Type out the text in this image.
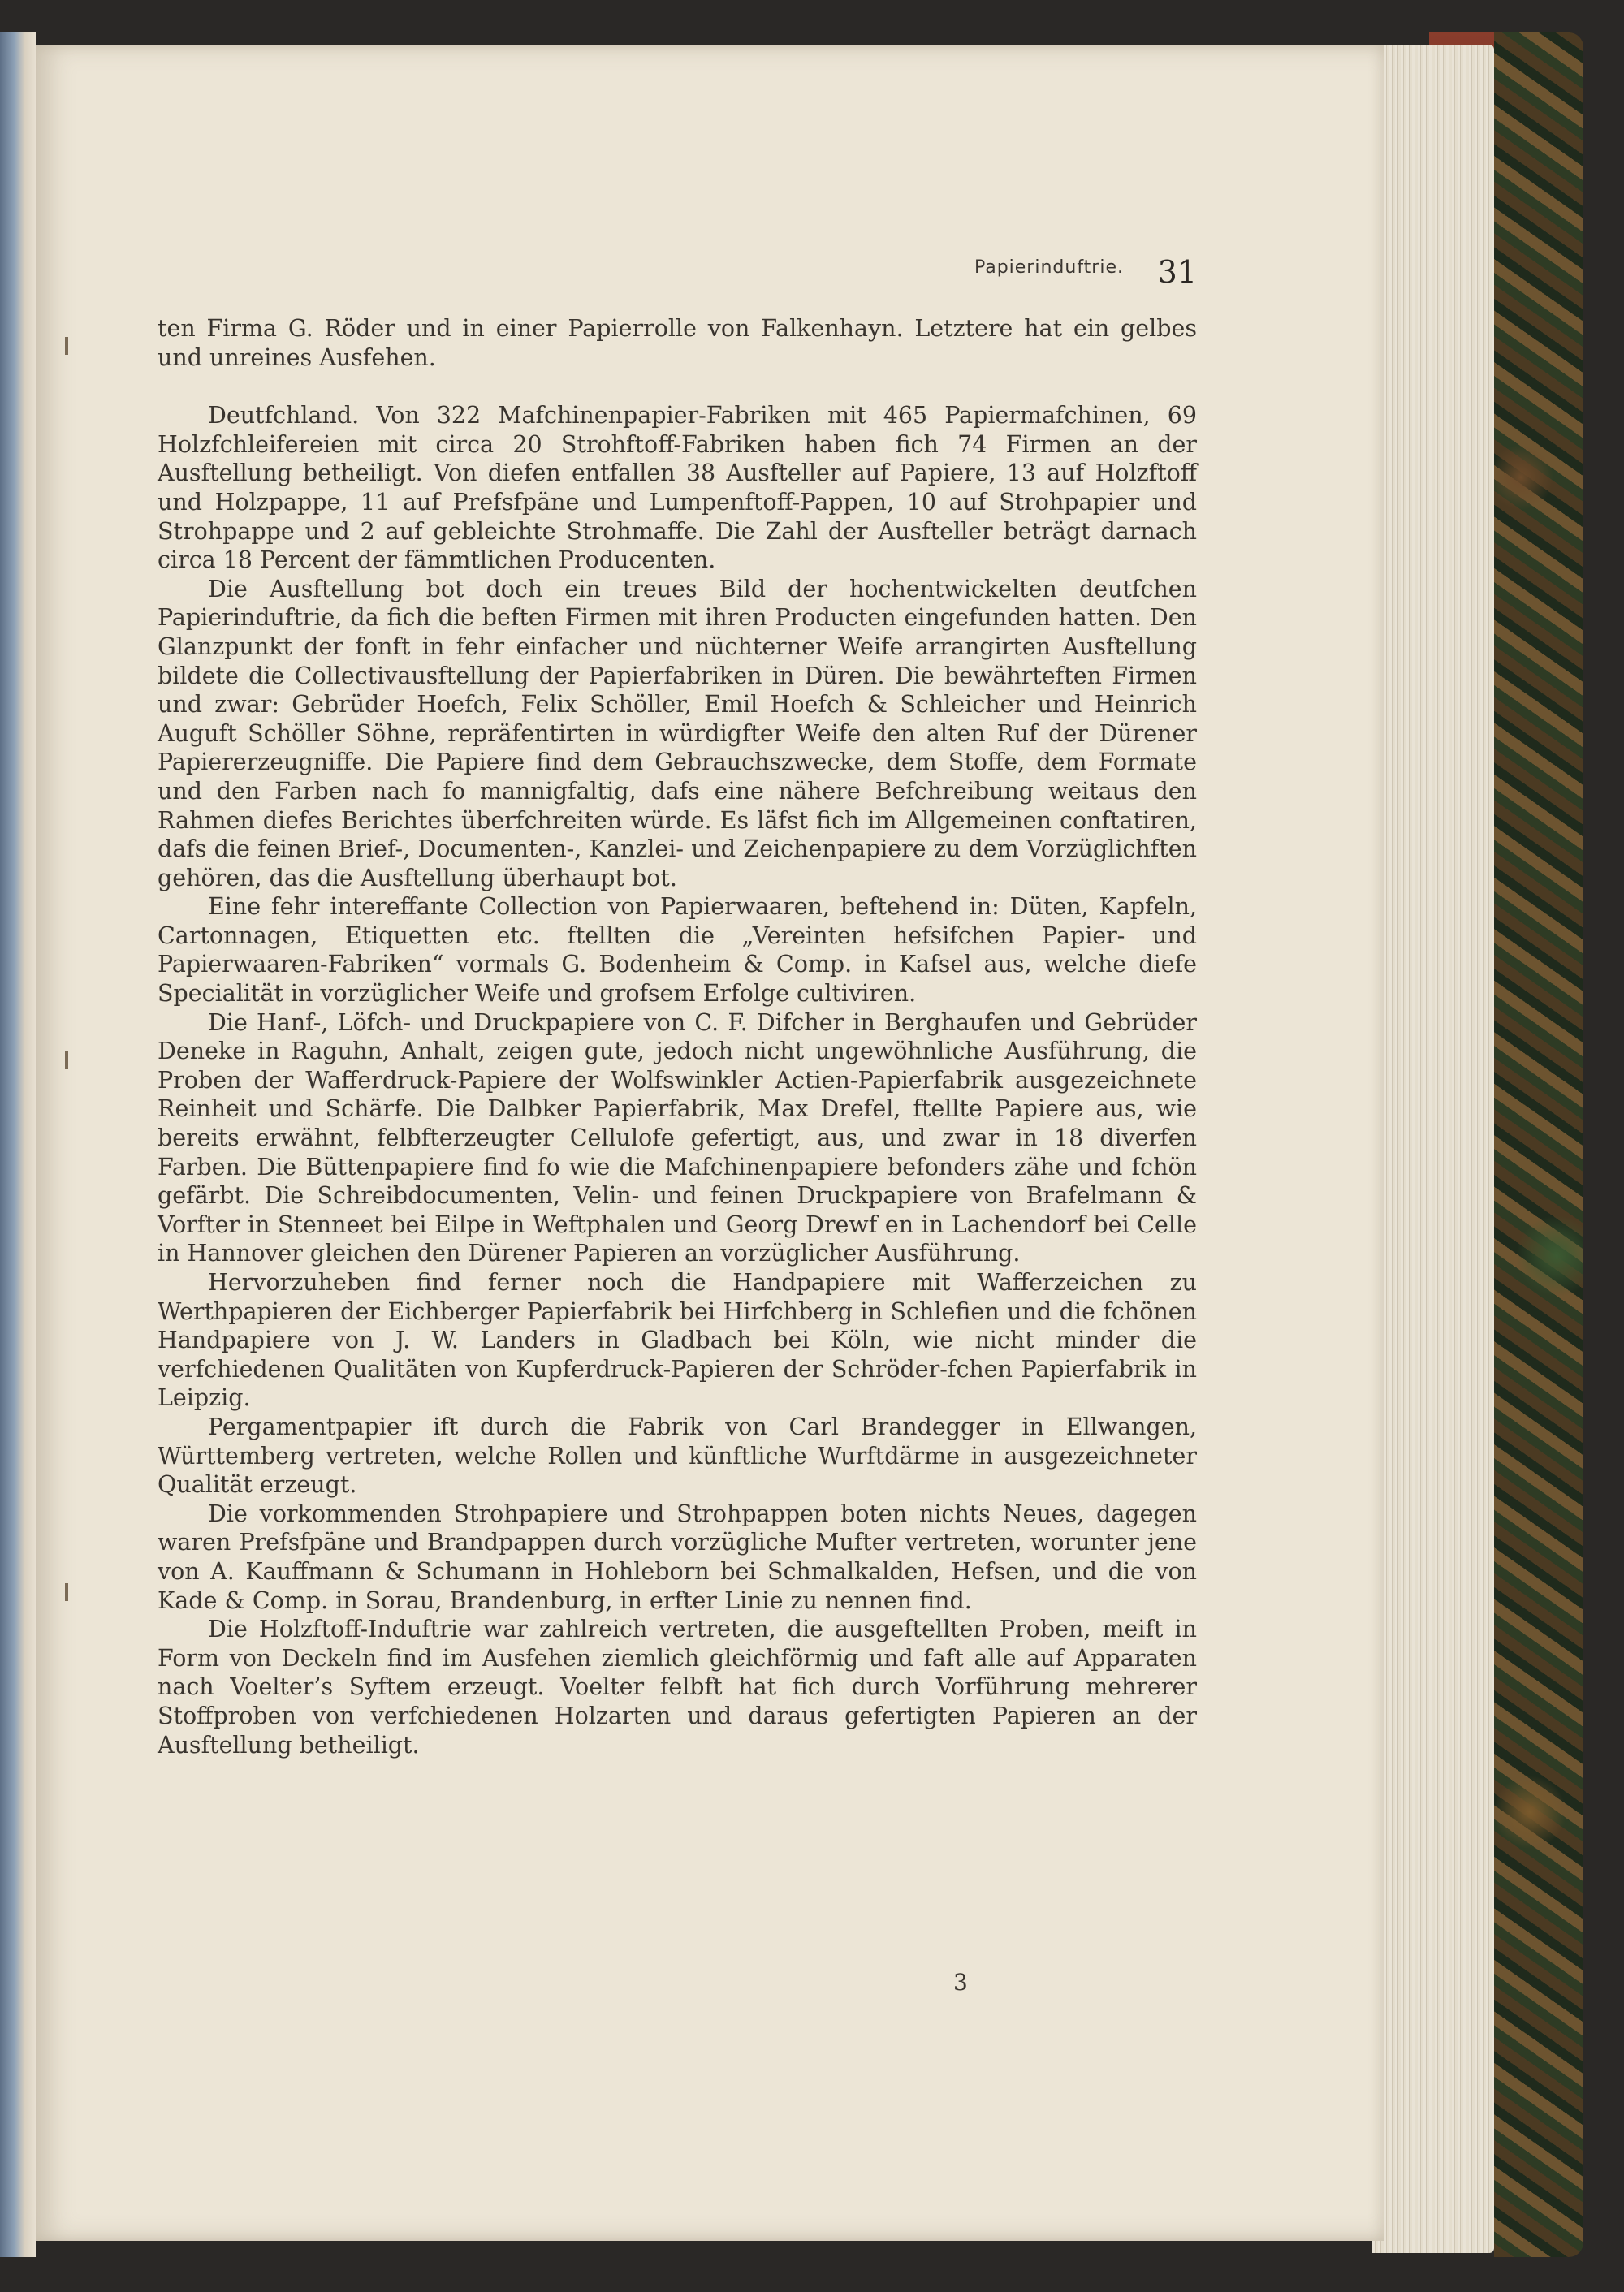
Papierinduftrie.	31

ten Firma G. Röder und in einer Papierrolle von Falkenhayn. Letztere hat ein gelbes und unreines Ausfehen.

Deutfchland. Von 322 Mafchinenpapier-Fabriken mit 465 Papiermafchinen, 69 Holzfchleifereien mit circa 20 Strohftoff-Fabriken haben fich 74 Firmen an der Ausftellung betheiligt. Von diefen entfallen 38 Ausfteller auf Papiere, 13 auf Holzftoff und Holzpappe, 11 auf Prefsfpäne und Lumpenftoff-Pappen, 10 auf Strohpapier und Strohpappe und 2 auf gebleichte Strohmaffe. Die Zahl der Ausfteller beträgt darnach circa 18 Percent der fämmtlichen Producenten.

Die Ausftellung bot doch ein treues Bild der hochentwickelten deutfchen Papierinduftrie, da fich die beften Firmen mit ihren Producten eingefunden hatten. Den Glanzpunkt der fonft in fehr einfacher und nüchterner Weife arrangirten Ausftellung bildete die Collectivausftellung der Papierfabriken in Düren. Die bewährteften Firmen und zwar: Gebrüder Hoefch, Felix Schöller, Emil Hoefch & Schleicher und Heinrich Auguft Schöller Söhne, repräfentirten in würdigfter Weife den alten Ruf der Dürener Papiererzeugniffe. Die Papiere find dem Gebrauchszwecke, dem Stoffe, dem Formate und den Farben nach fo mannigfaltig, dafs eine nähere Befchreibung weitaus den Rahmen diefes Berichtes überfchreiten würde. Es läfst fich im Allgemeinen conftatiren, dafs die feinen Brief-, Documenten-, Kanzlei- und Zeichenpapiere zu dem Vorzüglichften gehören, das die Ausftellung überhaupt bot.

Eine fehr intereffante Collection von Papierwaaren, beftehend in: Düten, Kapfeln, Cartonnagen, Etiquetten etc. ftellten die „Vereinten hefsifchen Papier- und Papierwaaren-Fabriken“ vormals G. Bodenheim & Comp. in Kafsel aus, welche diefe Specialität in vorzüglicher Weife und grofsem Erfolge cultiviren.

Die Hanf-, Löfch- und Druckpapiere von C. F. Difcher in Berghaufen und Gebrüder Deneke in Raguhn, Anhalt, zeigen gute, jedoch nicht ungewöhnliche Ausführung, die Proben der Wafferdruck-Papiere der Wolfswinkler Actien-Papierfabrik ausgezeichnete Reinheit und Schärfe. Die Dalbker Papierfabrik, Max Drefel, ftellte Papiere aus, wie bereits erwähnt, felbfterzeugter Cellulofe gefertigt, aus, und zwar in 18 diverfen Farben. Die Büttenpapiere find fo wie die Mafchinenpapiere befonders zähe und fchön gefärbt. Die Schreibdocumenten, Velin- und feinen Druckpapiere von Brafelmann & Vorfter in Stenneet bei Eilpe in Weftphalen und Georg Drewf en in Lachendorf bei Celle in Hannover gleichen den Dürener Papieren an vorzüglicher Ausführung.

Hervorzuheben find ferner noch die Handpapiere mit Wafferzeichen zu Werthpapieren der Eichberger Papierfabrik bei Hirfchberg in Schlefien und die fchönen Handpapiere von J. W. Landers in Gladbach bei Köln, wie nicht minder die verfchiedenen Qualitäten von Kupferdruck-Papieren der Schröder-fchen Papierfabrik in Leipzig.

Pergamentpapier ift durch die Fabrik von Carl Brandegger in Ellwangen, Württemberg vertreten, welche Rollen und künftliche Wurftdärme in ausgezeichneter Qualität erzeugt.

Die vorkommenden Strohpapiere und Strohpappen boten nichts Neues, dagegen waren Prefsfpäne und Brandpappen durch vorzügliche Mufter vertreten, worunter jene von A. Kauffmann & Schumann in Hohleborn bei Schmalkalden, Hefsen, und die von Kade & Comp. in Sorau, Brandenburg, in erfter Linie zu nennen find.

Die Holzftoff-Induftrie war zahlreich vertreten, die ausgeftellten Proben, meift in Form von Deckeln find im Ausfehen ziemlich gleichförmig und faft alle auf Apparaten nach Voelter’s Syftem erzeugt. Voelter felbft hat fich durch Vorführung mehrerer Stoffproben von verfchiedenen Holzarten und daraus gefertigten Papieren an der Ausftellung betheiligt.

3
